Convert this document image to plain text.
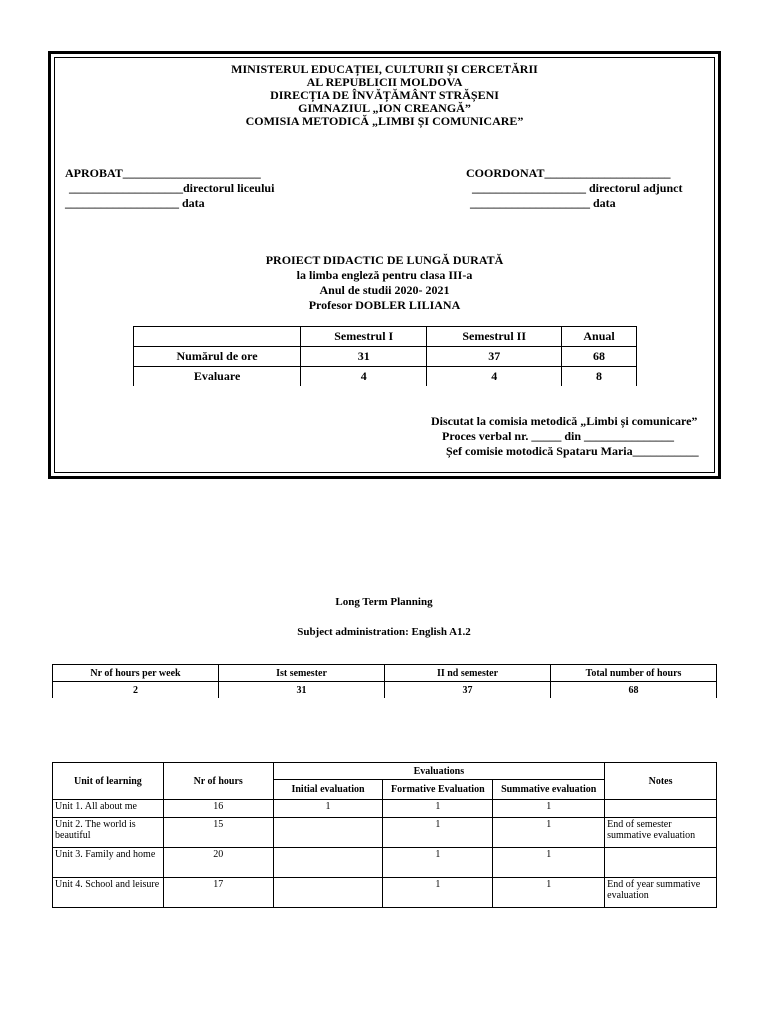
MINISTERUL EDUCAȚIEI, CULTURII ȘI CERCETĂRII
AL REPUBLICII MOLDOVA
DIRECȚIA DE ÎNVĂȚĂMÂNT STRĂȘENI
GIMNAZIUL „ION CREANGĂ”
COMISIA METODICĂ „LIMBI ȘI COMUNICARE”
APROBAT_______________________
___________________directorul liceului
___________________ data
COORDONAT_____________________
___________________ directorul adjunct
____________________ data
PROIECT DIDACTIC DE LUNGĂ DURATĂ
la limba engleză pentru clasa III-a
Anul de studii 2020- 2021
Profesor DOBLER LILIANA
	Semestrul I	Semestrul II	Anual
Numărul de ore	31	37	68
Evaluare	4	4	8
Discutat la comisia metodică „Limbi și comunicare”
Proces verbal nr. _____ din _______________
Șef comisie motodică Spataru Maria___________
Long Term Planning
Subject administration: English A1.2
Nr of hours per week	Ist semester	II nd semester	Total number of hours
2	31	37	68
Unit of learning	Nr of hours	Evaluations			Notes
		Initial evaluation	Formative Evaluation	Summative evaluation	
Unit 1. All about me	16	1	1	1	
Unit 2. The world is beautiful	15		1	1	End of semester summative evaluation
Unit 3. Family and home	20		1	1	
Unit 4. School and leisure	17		1	1	End of year summative evaluation
